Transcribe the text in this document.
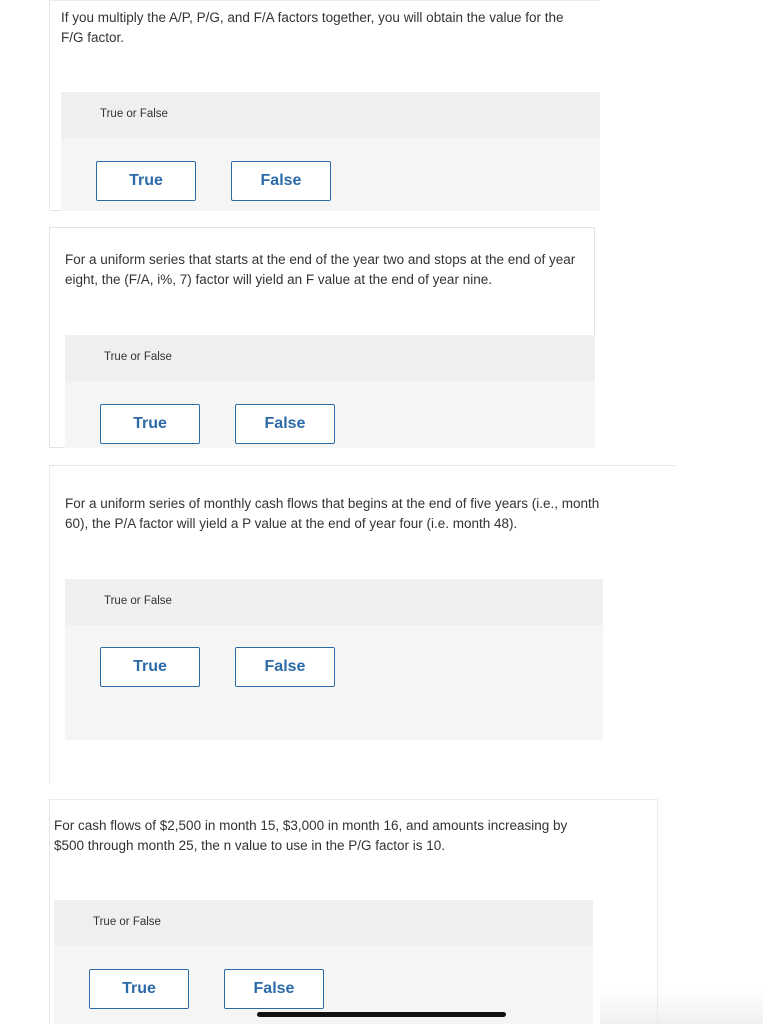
If you multiply the A/P, P/G, and F/A factors together, you will obtain the value for the F/G factor.

True or False
True	False

For a uniform series that starts at the end of the year two and stops at the end of year eight, the (F/A, i%, 7) factor will yield an F value at the end of year nine.

True or False
True	False

For a uniform series of monthly cash flows that begins at the end of five years (i.e., month 60), the P/A factor will yield a P value at the end of year four (i.e. month 48).

True or False
True	False

For cash flows of $2,500 in month 15, $3,000 in month 16, and amounts increasing by $500 through month 25, the n value to use in the P/G factor is 10.

True or False
True	False
